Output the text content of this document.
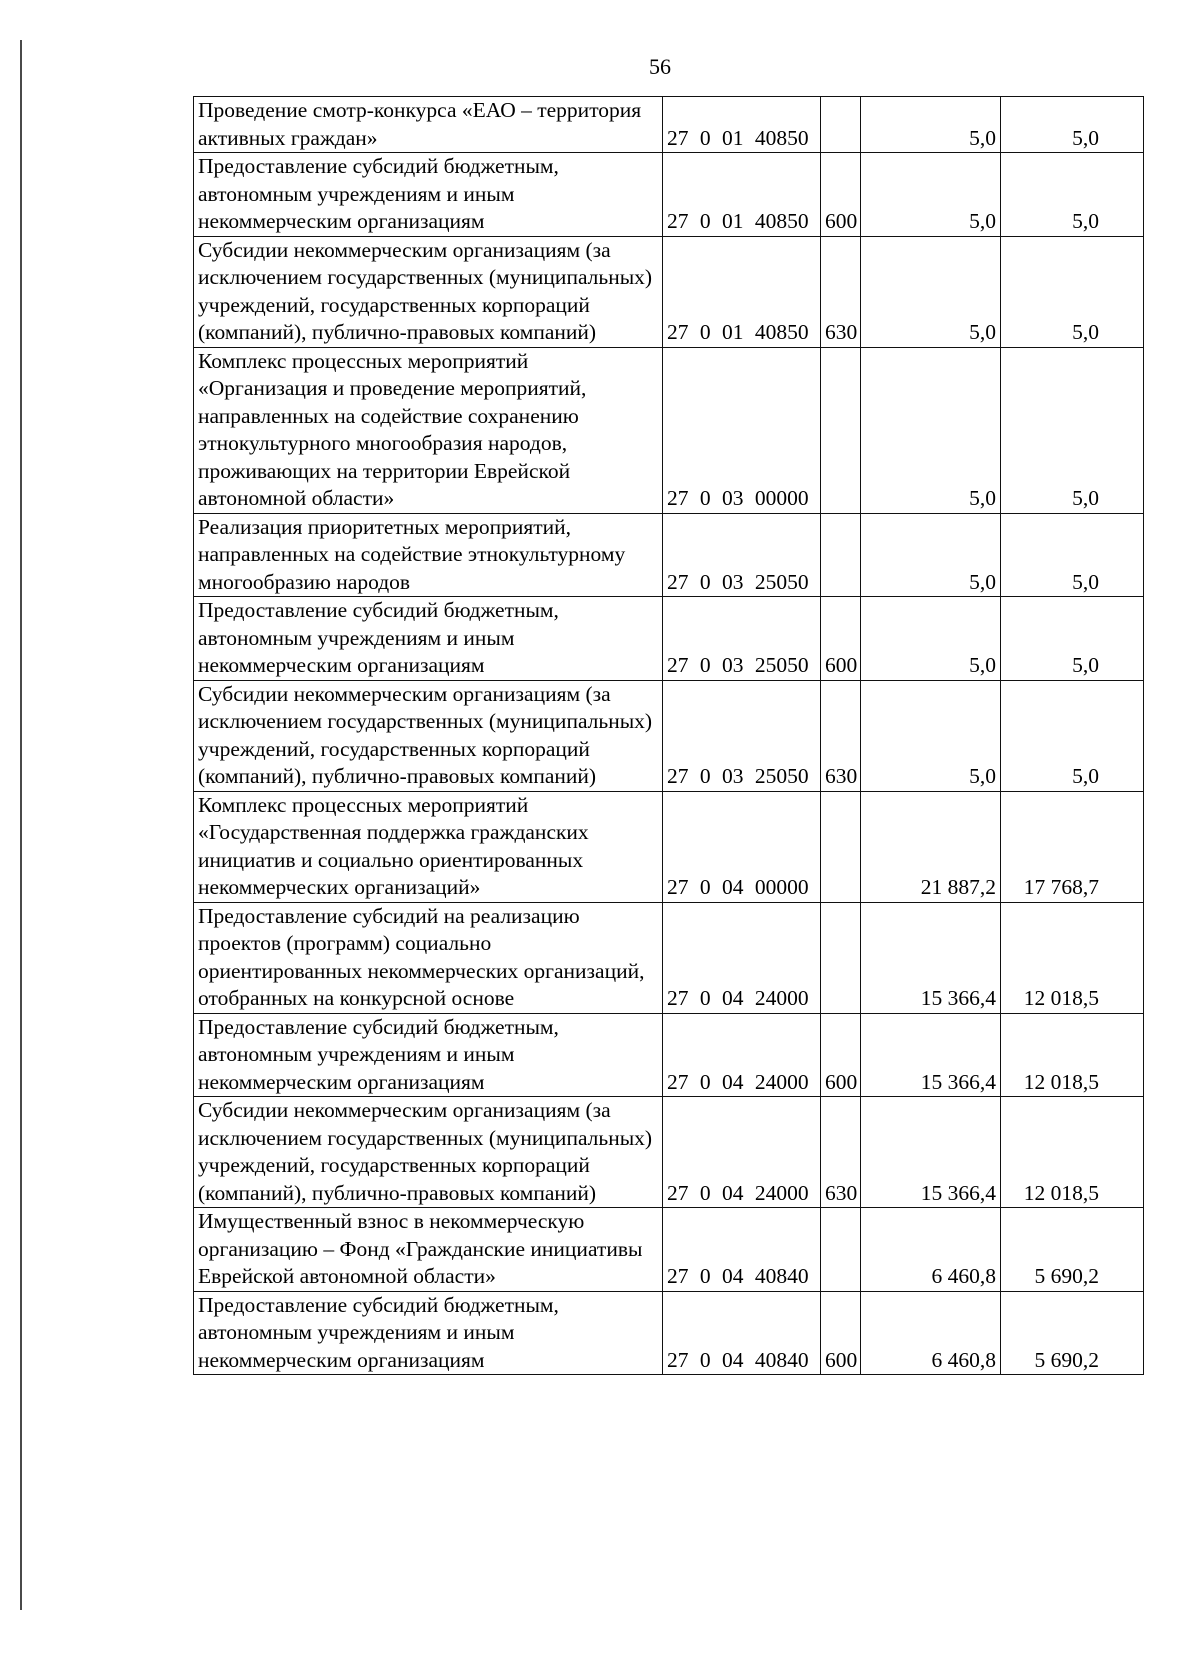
56
Проведение смотр-конкурса «ЕАО – территория активных граждан»	27 0 01 40850		5,0	5,0
Предоставление субсидий бюджетным, автономным учреждениям и иным некоммерческим организациям	27 0 01 40850	600	5,0	5,0
Субсидии некоммерческим организациям (за исключением государственных (муниципальных) учреждений, государственных корпораций (компаний), публично-правовых компаний)	27 0 01 40850	630	5,0	5,0
Комплекс процессных мероприятий «Организация и проведение мероприятий, направленных на содействие сохранению этнокультурного многообразия народов, проживающих на территории Еврейской автономной области»	27 0 03 00000		5,0	5,0
Реализация приоритетных мероприятий, направленных на содействие этнокультурному многообразию народов	27 0 03 25050		5,0	5,0
Предоставление субсидий бюджетным, автономным учреждениям и иным некоммерческим организациям	27 0 03 25050	600	5,0	5,0
Субсидии некоммерческим организациям (за исключением государственных (муниципальных) учреждений, государственных корпораций (компаний), публично-правовых компаний)	27 0 03 25050	630	5,0	5,0
Комплекс процессных мероприятий «Государственная поддержка гражданских инициатив и социально ориентированных некоммерческих организаций»	27 0 04 00000		21 887,2	17 768,7
Предоставление субсидий на реализацию проектов (программ) социально ориентированных некоммерческих организаций, отобранных на конкурсной основе	27 0 04 24000		15 366,4	12 018,5
Предоставление субсидий бюджетным, автономным учреждениям и иным некоммерческим организациям	27 0 04 24000	600	15 366,4	12 018,5
Субсидии некоммерческим организациям (за исключением государственных (муниципальных) учреждений, государственных корпораций (компаний), публично-правовых компаний)	27 0 04 24000	630	15 366,4	12 018,5
Имущественный взнос в некоммерческую организацию – Фонд «Гражданские инициативы Еврейской автономной области»	27 0 04 40840		6 460,8	5 690,2
Предоставление субсидий бюджетным, автономным учреждениям и иным некоммерческим организациям	27 0 04 40840	600	6 460,8	5 690,2
